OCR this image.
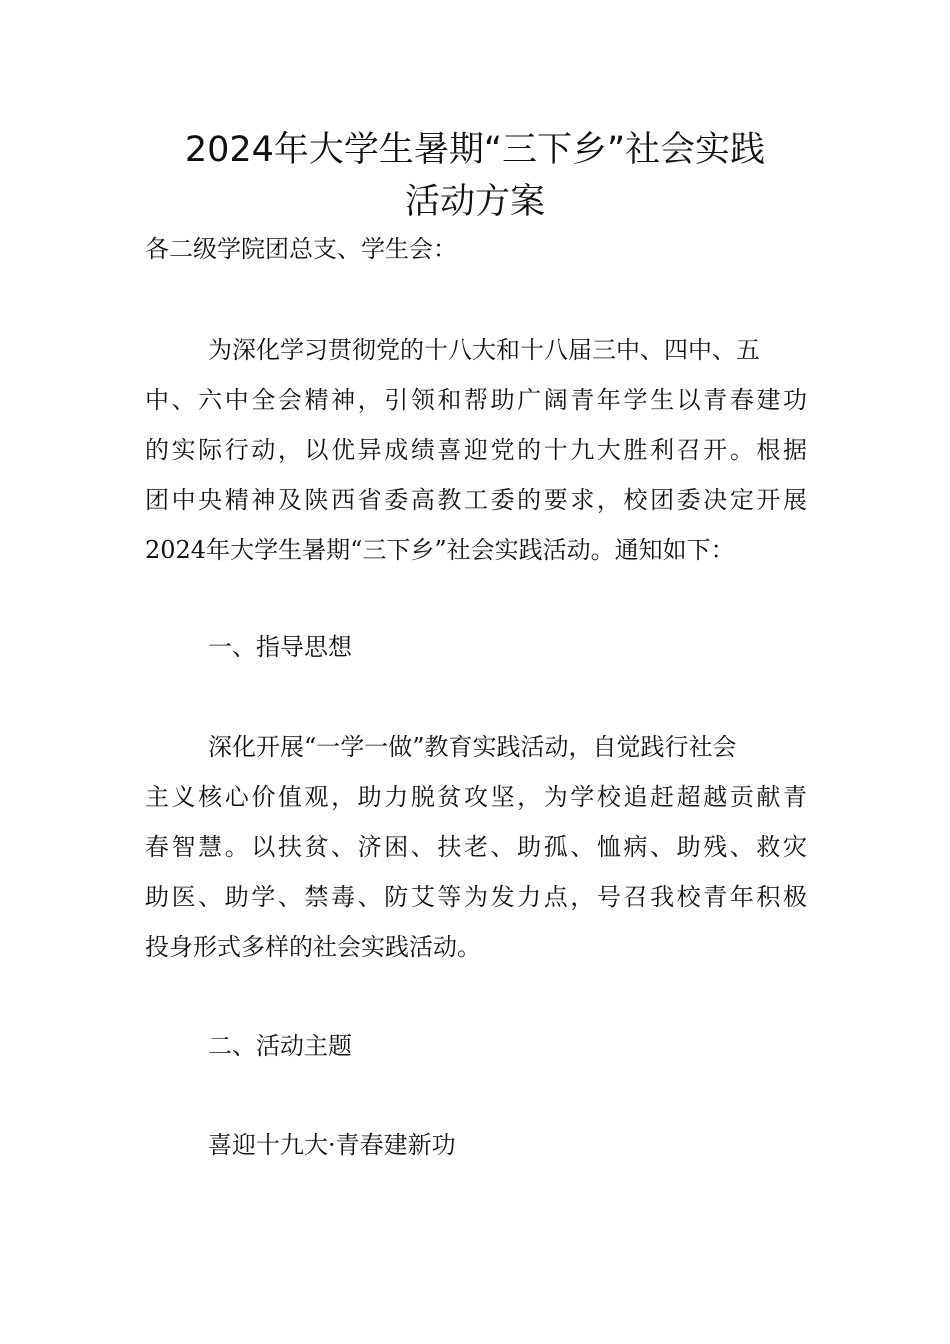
2024年大学生暑期“三下乡”社会实践
活动方案

各二级学院团总支、学生会：

为深化学习贯彻党的十八大和十八届三中、四中、五

中、六中全会精神，引领和帮助广阔青年学生以青春建功

的实际行动，以优异成绩喜迎党的十九大胜利召开。根据

团中央精神及陕西省委高教工委的要求，校团委决定开展

2024年大学生暑期“三下乡”社会实践活动。通知如下：

一、指导思想

深化开展“一学一做”教育实践活动，自觉践行社会

主义核心价值观，助力脱贫攻坚，为学校追赶超越贡献青

春智慧。以扶贫、济困、扶老、助孤、恤病、助残、救灾

助医、助学、禁毒、防艾等为发力点，号召我校青年积极

投身形式多样的社会实践活动。

二、活动主题

喜迎十九大·青春建新功
